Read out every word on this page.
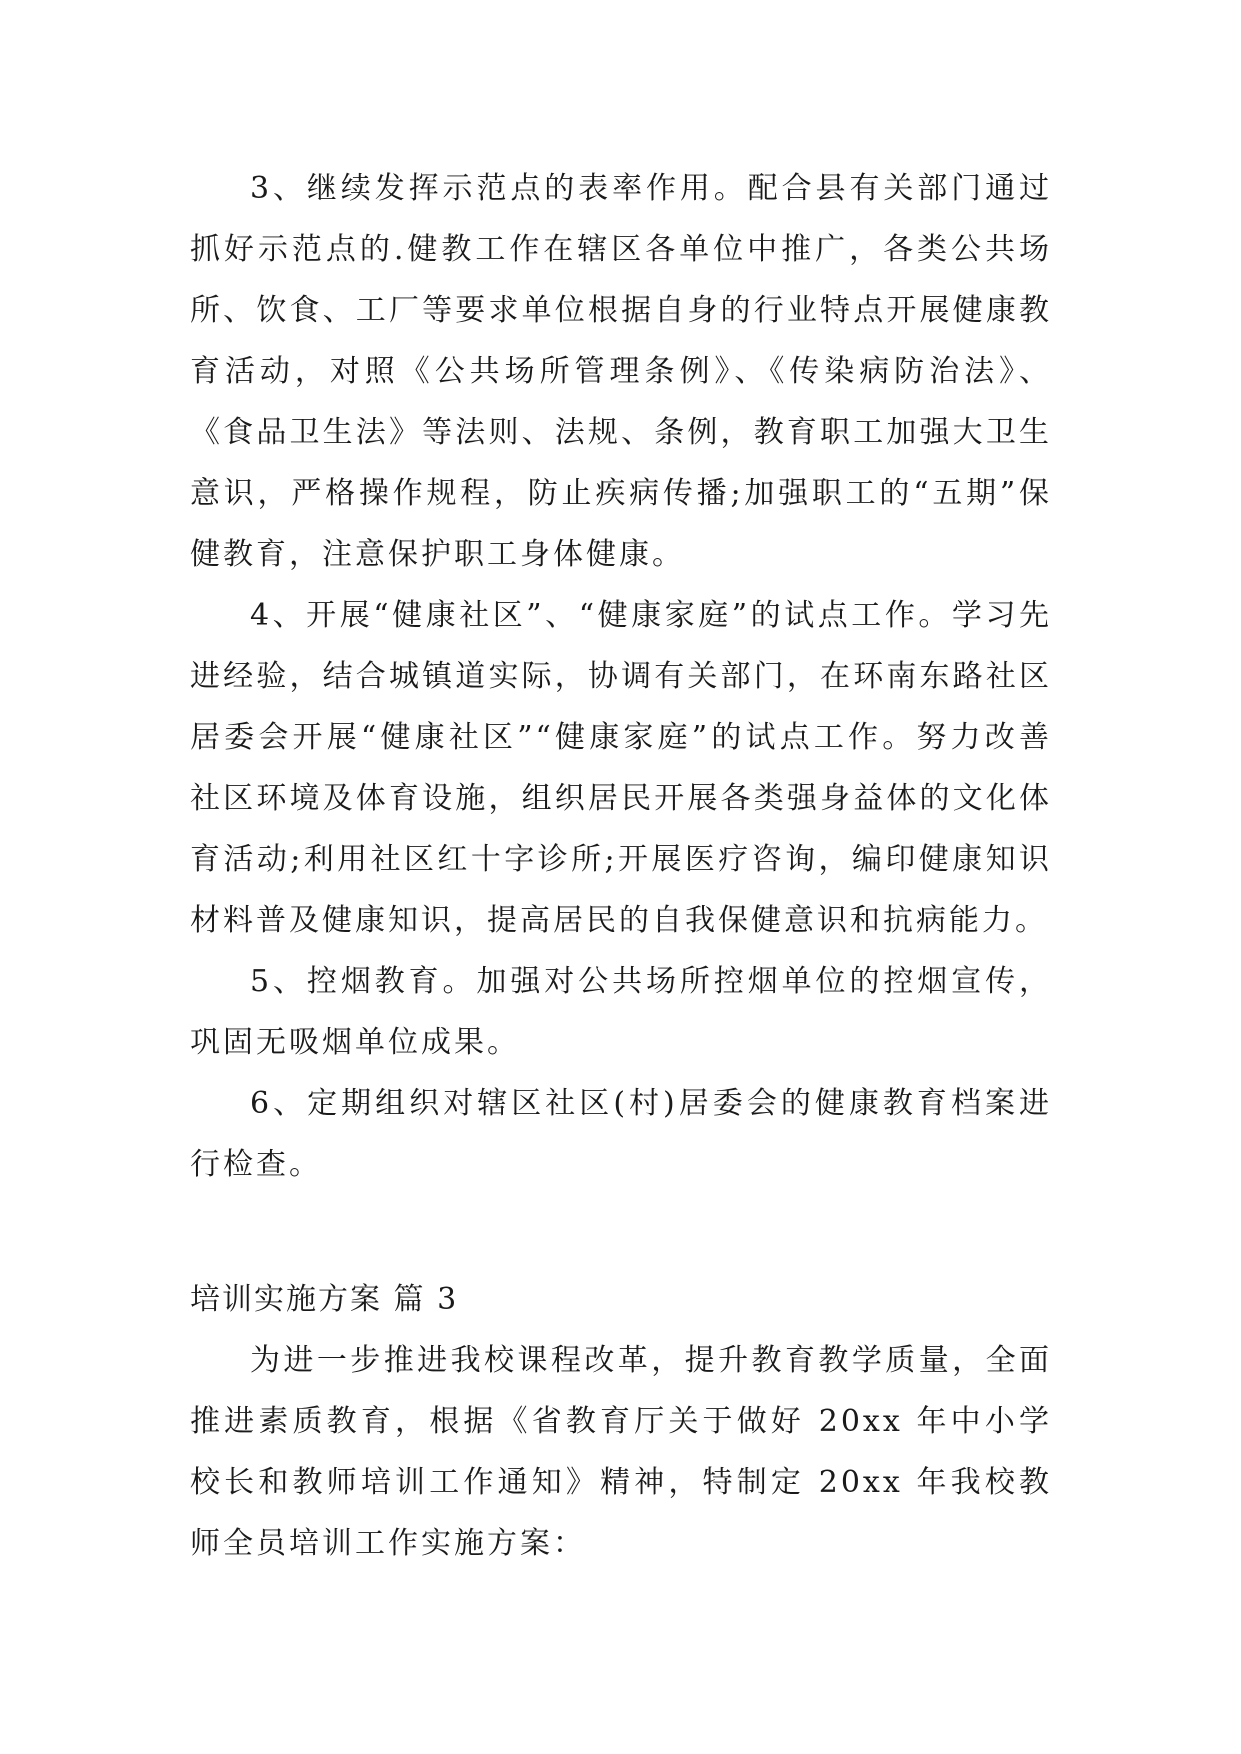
3、继续发挥示范点的表率作用。配合县有关部门通过抓好示范点的.健教工作在辖区各单位中推广，各类公共场所、饮食、工厂等要求单位根据自身的行业特点开展健康教育活动，对照《公共场所管理条例》、《传染病防治法》、《食品卫生法》等法则、法规、条例，教育职工加强大卫生意识，严格操作规程，防止疾病传播;加强职工的“五期”保健教育，注意保护职工身体健康。

4、开展“健康社区”、“健康家庭”的试点工作。学习先进经验，结合城镇道实际，协调有关部门，在环南东路社区居委会开展“健康社区”“健康家庭”的试点工作。努力改善社区环境及体育设施，组织居民开展各类强身益体的文化体育活动;利用社区红十字诊所;开展医疗咨询，编印健康知识材料普及健康知识，提高居民的自我保健意识和抗病能力。

5、控烟教育。加强对公共场所控烟单位的控烟宣传，巩固无吸烟单位成果。

6、定期组织对辖区社区(村)居委会的健康教育档案进行检查。

培训实施方案 篇 3

为进一步推进我校课程改革，提升教育教学质量，全面推进素质教育，根据《省教育厅关于做好 20xx 年中小学校长和教师培训工作通知》精神，特制定 20xx 年我校教师全员培训工作实施方案：
